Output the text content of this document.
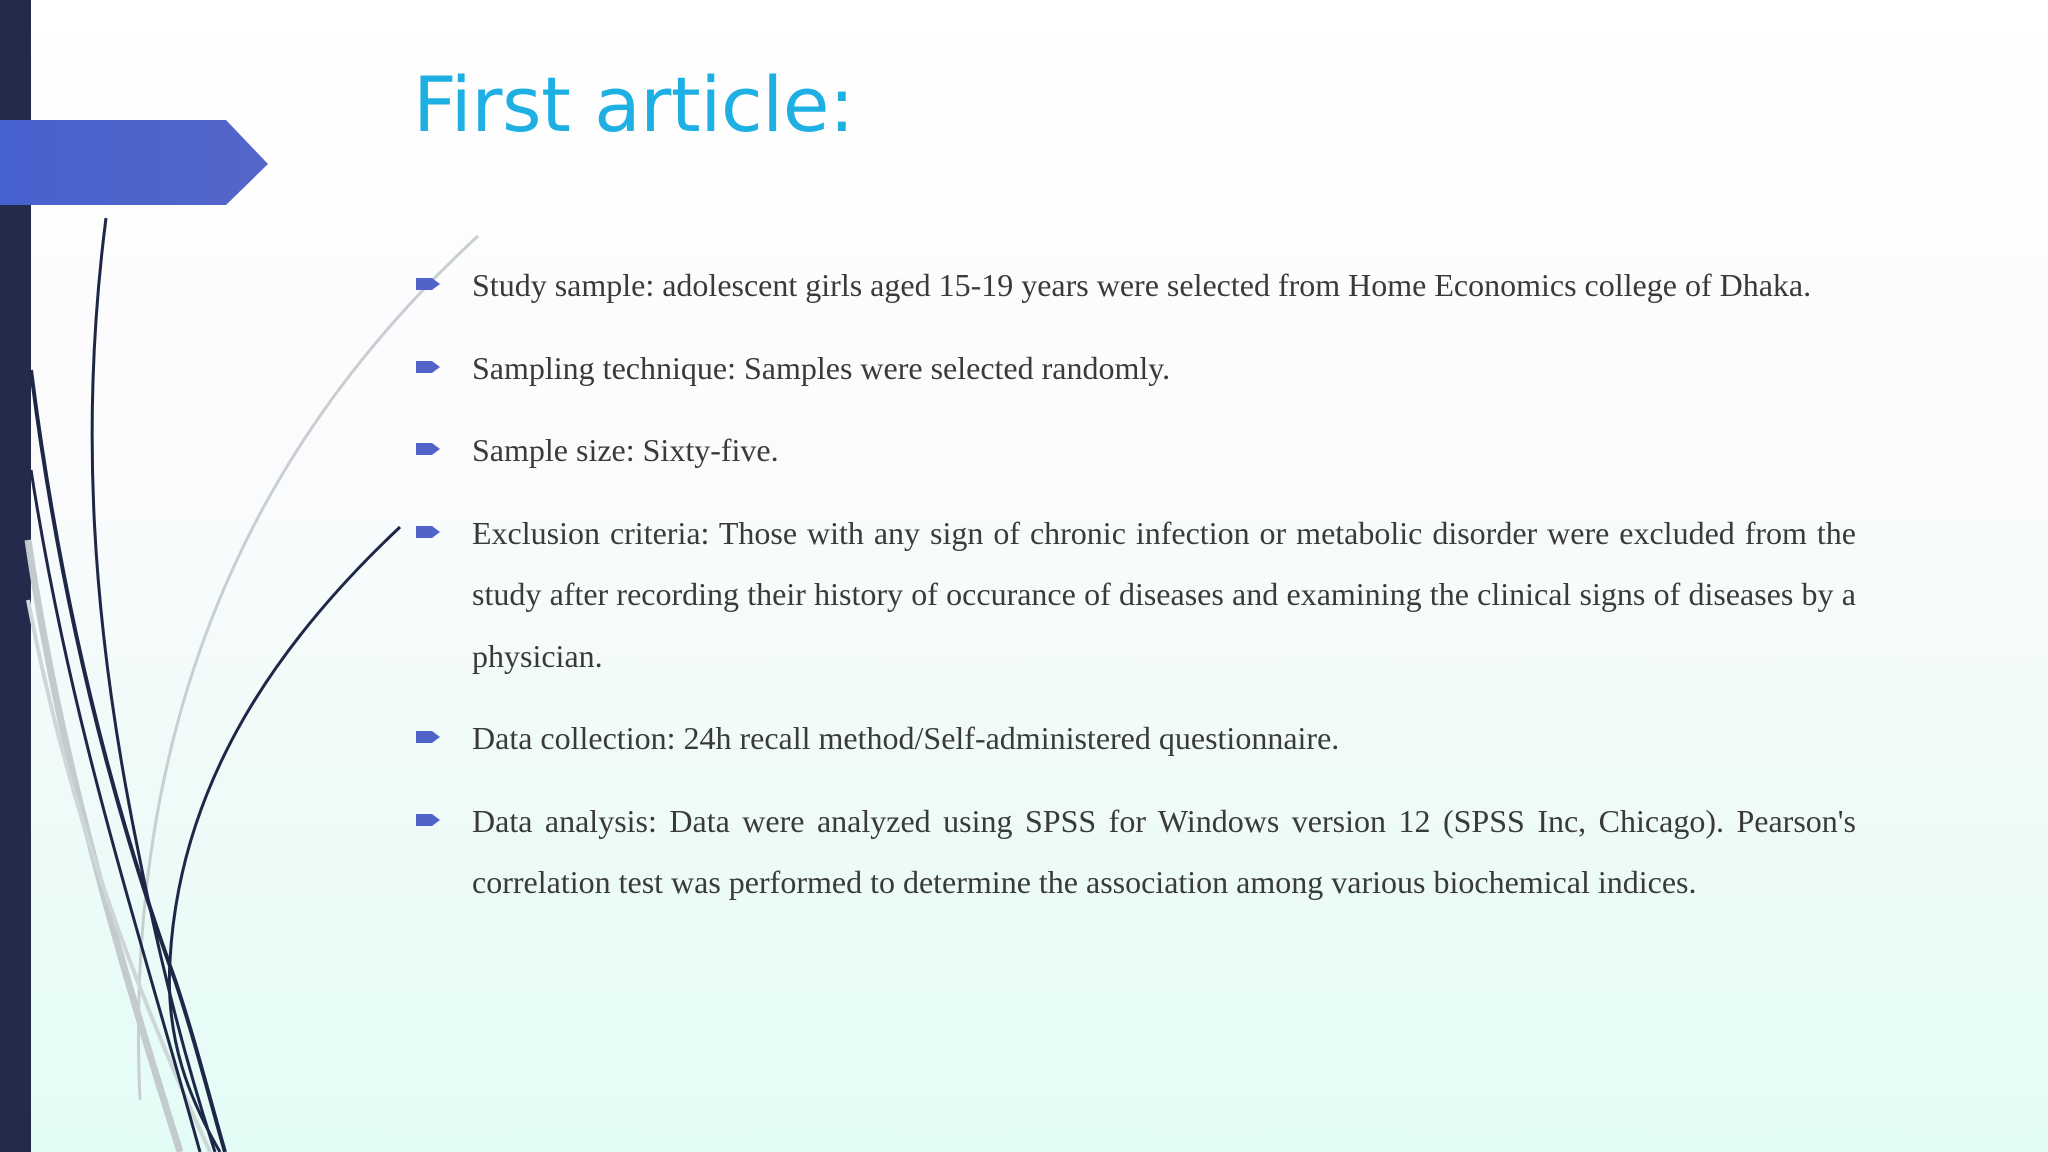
First article:
Study sample: adolescent girls aged 15-19 years were selected from Home Economics college of Dhaka.
Sampling technique: Samples were selected randomly.
Sample size: Sixty-five.
Exclusion criteria: Those with any sign of chronic infection or metabolic disorder were excluded from the study after recording their history of occurance of diseases and examining the clinical signs of diseases by a physician.
Data collection: 24h recall method/Self-administered questionnaire.
Data analysis: Data were analyzed using SPSS for Windows version 12 (SPSS Inc, Chicago). Pearson's correlation test was performed to determine the association among various biochemical indices.
